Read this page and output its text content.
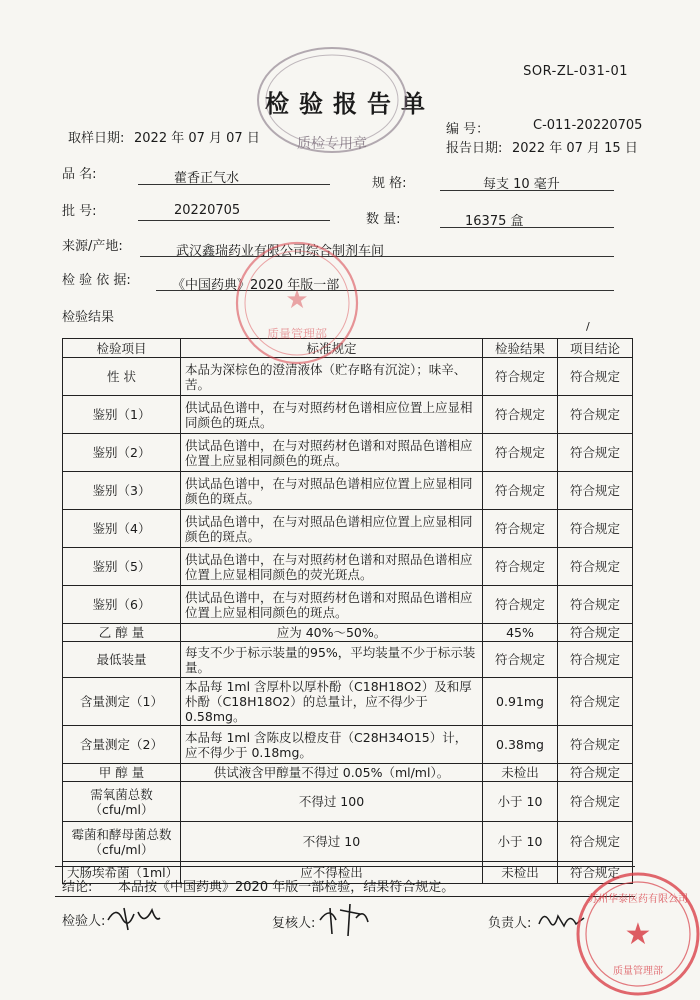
SOR-ZL-031-01
检验报告单
取样日期: 2022 年 07 月 07 日
编 号：	C-011-20220705
报告日期: 2022 年 07 月 15 日
品 名:	藿香正气水	规 格:	每支 10 毫升
批 号:	20220705
数 量:	16375 盒
来源/产地:	武汉鑫瑞药业有限公司综合制剂车间
检 验 依 据:	《中国药典》2020 年版一部
检验结果
检验项目	标准规定	检验结果	项目结论
性 状	本品为深棕色的澄清液体（贮存略有沉淀）；味辛、苦。	符合规定	符合规定
鉴别（1）	供试品色谱中，在与对照药材色谱相应位置上应显相同颜色的斑点。	符合规定	符合规定
鉴别（2）	供试品色谱中，在与对照药材色谱和对照品色谱相应位置上应显相同颜色的斑点。	符合规定	符合规定
鉴别（3）	供试品色谱中，在与对照品色谱相应位置上应显相同颜色的斑点。	符合规定	符合规定
鉴别（4）	供试品色谱中，在与对照品色谱相应位置上应显相同颜色的斑点。	符合规定	符合规定
鉴别（5）	供试品色谱中，在与对照药材色谱和对照品色谱相应位置上应显相同颜色的荧光斑点。	符合规定	符合规定
鉴别（6）	供试品色谱中，在与对照药材色谱和对照品色谱相应位置上应显相同颜色的斑点。	符合规定	符合规定
乙 醇 量	应为 40%～50%。	45%	符合规定
最低装量	每支不少于标示装量的95%，平均装量不少于标示装量。	符合规定	符合规定
含量测定（1）	本品每 1ml 含厚朴以厚朴酚（C18H18O2）及和厚朴酚（C18H18O2）的总量计，应不得少于 0.58mg。	0.91mg	符合规定
含量测定（2）	本品每 1ml 含陈皮以橙皮苷（C28H34O15）计，应不得少于 0.18mg。	0.38mg	符合规定
甲 醇 量	供试液含甲醇量不得过 0.05%（ml/ml）。	未检出	符合规定
需氧菌总数（cfu/ml）	不得过 100	小于 10	符合规定
霉菌和酵母菌总数（cfu/ml）	不得过 10	小于 10	符合规定
大肠埃希菌（1ml）	应不得检出	未检出	符合规定
结论: 本品按《中国药典》2020 年版一部检验，结果符合规定。
检验人:	复核人:	负责人:
质检专用章
★
质量管理部
★
苏州华泰医药有限公司
质量管理部
/
